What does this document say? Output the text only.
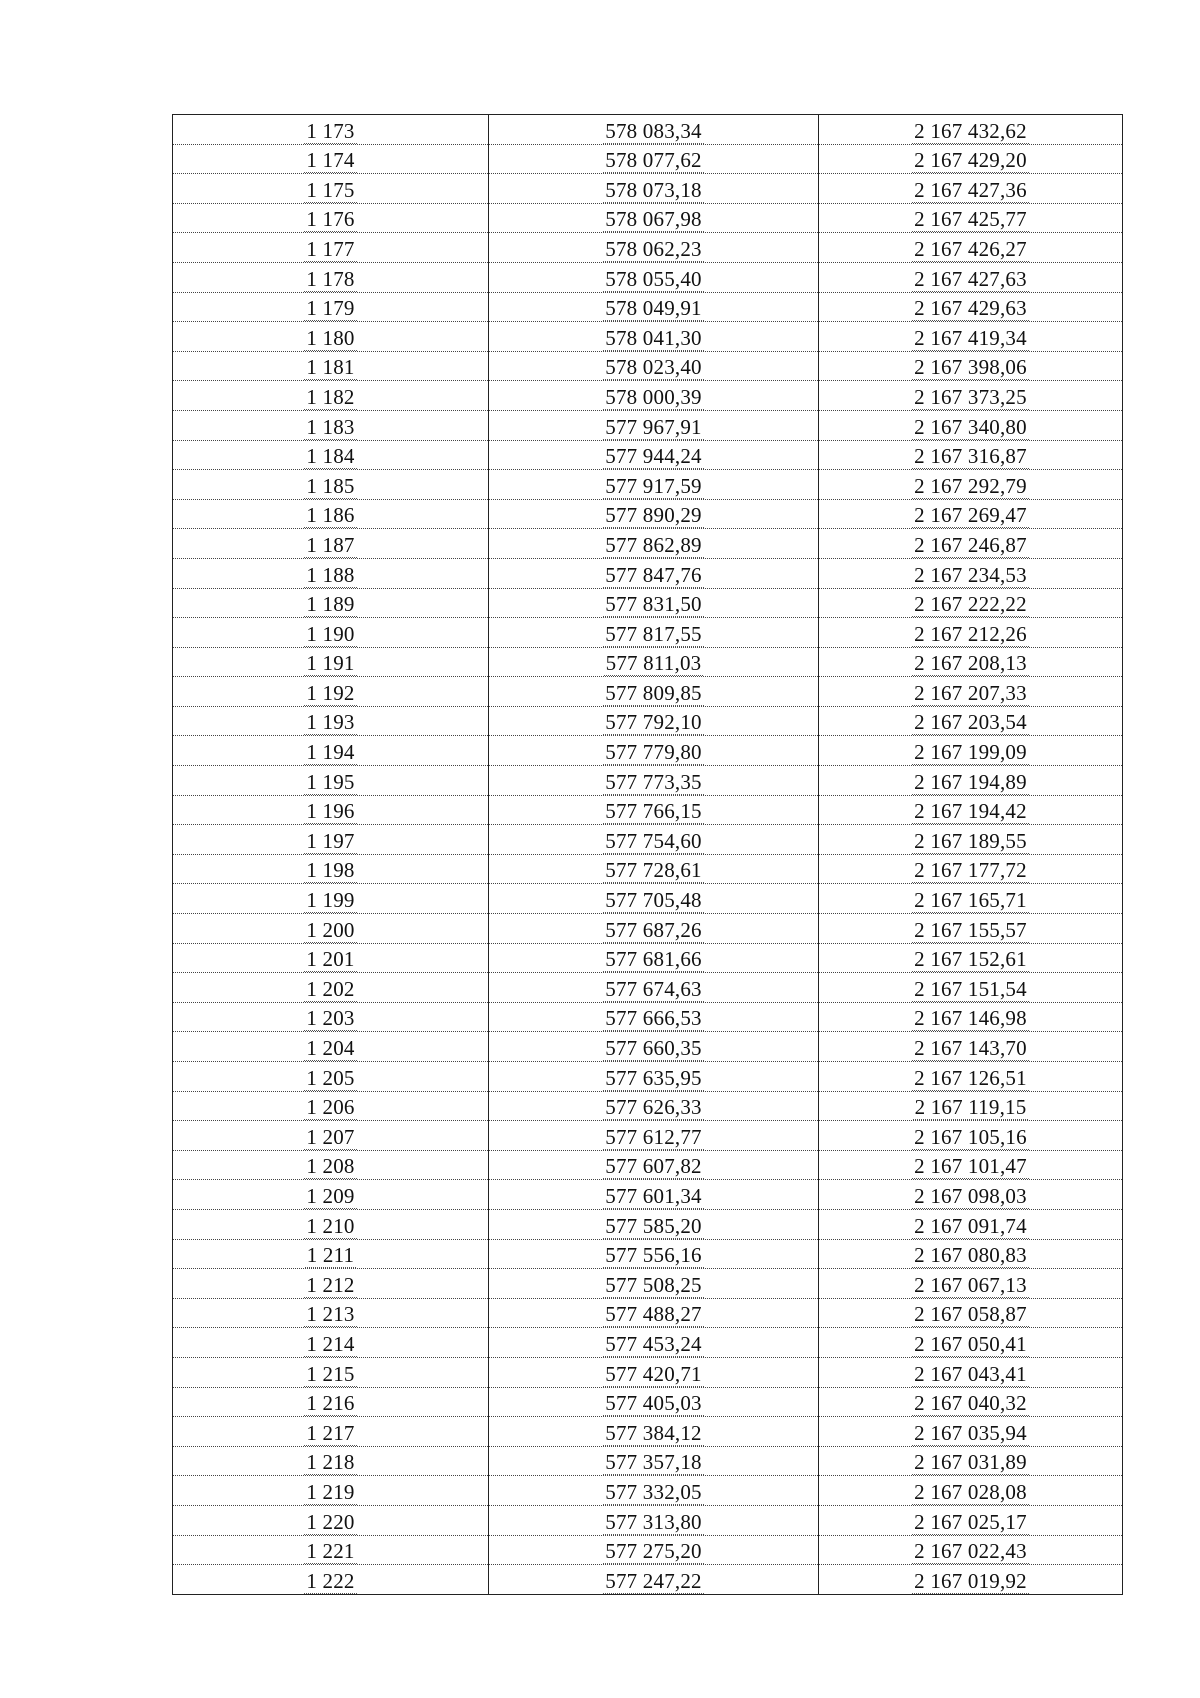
1 173	578 083,34	2 167 432,62
1 174	578 077,62	2 167 429,20
1 175	578 073,18	2 167 427,36
1 176	578 067,98	2 167 425,77
1 177	578 062,23	2 167 426,27
1 178	578 055,40	2 167 427,63
1 179	578 049,91	2 167 429,63
1 180	578 041,30	2 167 419,34
1 181	578 023,40	2 167 398,06
1 182	578 000,39	2 167 373,25
1 183	577 967,91	2 167 340,80
1 184	577 944,24	2 167 316,87
1 185	577 917,59	2 167 292,79
1 186	577 890,29	2 167 269,47
1 187	577 862,89	2 167 246,87
1 188	577 847,76	2 167 234,53
1 189	577 831,50	2 167 222,22
1 190	577 817,55	2 167 212,26
1 191	577 811,03	2 167 208,13
1 192	577 809,85	2 167 207,33
1 193	577 792,10	2 167 203,54
1 194	577 779,80	2 167 199,09
1 195	577 773,35	2 167 194,89
1 196	577 766,15	2 167 194,42
1 197	577 754,60	2 167 189,55
1 198	577 728,61	2 167 177,72
1 199	577 705,48	2 167 165,71
1 200	577 687,26	2 167 155,57
1 201	577 681,66	2 167 152,61
1 202	577 674,63	2 167 151,54
1 203	577 666,53	2 167 146,98
1 204	577 660,35	2 167 143,70
1 205	577 635,95	2 167 126,51
1 206	577 626,33	2 167 119,15
1 207	577 612,77	2 167 105,16
1 208	577 607,82	2 167 101,47
1 209	577 601,34	2 167 098,03
1 210	577 585,20	2 167 091,74
1 211	577 556,16	2 167 080,83
1 212	577 508,25	2 167 067,13
1 213	577 488,27	2 167 058,87
1 214	577 453,24	2 167 050,41
1 215	577 420,71	2 167 043,41
1 216	577 405,03	2 167 040,32
1 217	577 384,12	2 167 035,94
1 218	577 357,18	2 167 031,89
1 219	577 332,05	2 167 028,08
1 220	577 313,80	2 167 025,17
1 221	577 275,20	2 167 022,43
1 222	577 247,22	2 167 019,92
